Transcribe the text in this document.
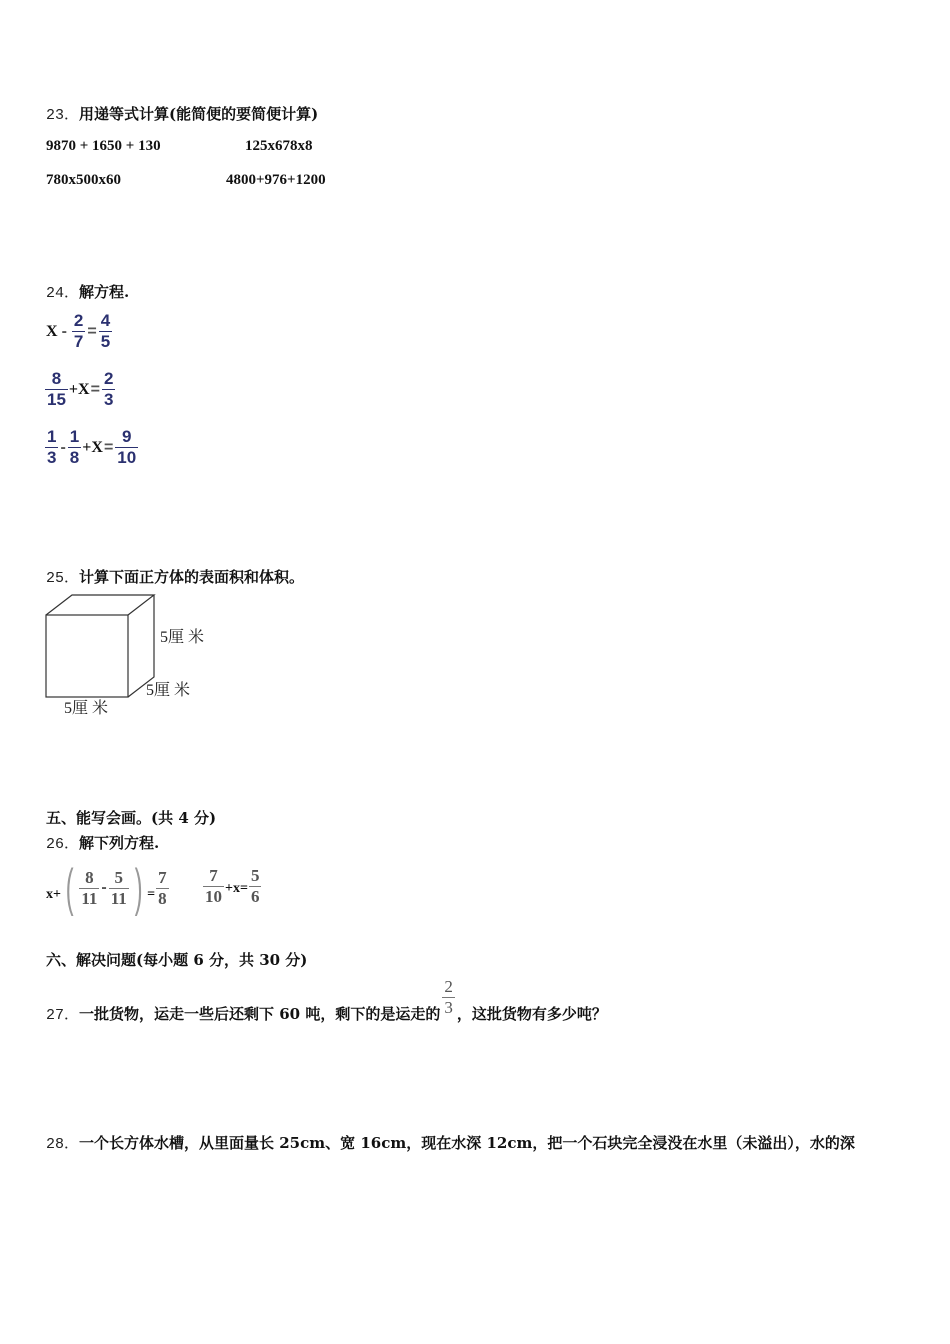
23．用递等式计算(能简便的要简便计算)
9870 + 1650 + 130	125x678x8
780x500x60	4800+976+1200
24．解方程.
$X - \frac{2}{7} = \frac{4}{5}$
$\frac{8}{15} + X = \frac{2}{3}$
$\frac{1}{3} - \frac{1}{8} + X = \frac{9}{10}$
25．计算下面正方体的表面积和体积。
5厘 米
5厘 米
5厘 米
五、能写会画。(共 4 分)
26．解下列方程.
x+ ( $\frac{8}{11} - \frac{5}{11}$ ) = $\frac{7}{8} \frac{7}{10} +x= \frac{5}{6}$
六、解决问题(每小题 6 分，共 30 分)
27． 一批货物，运走一些后还剩下 60 吨，剩下的是运走的 $\frac{2}{3}$ ，这批货物有多少吨？
28．一个长方体水槽，从里面量长 25cm、宽 16cm，现在水深 12cm，把一个石块完全浸没在水里（未溢出），水的深
